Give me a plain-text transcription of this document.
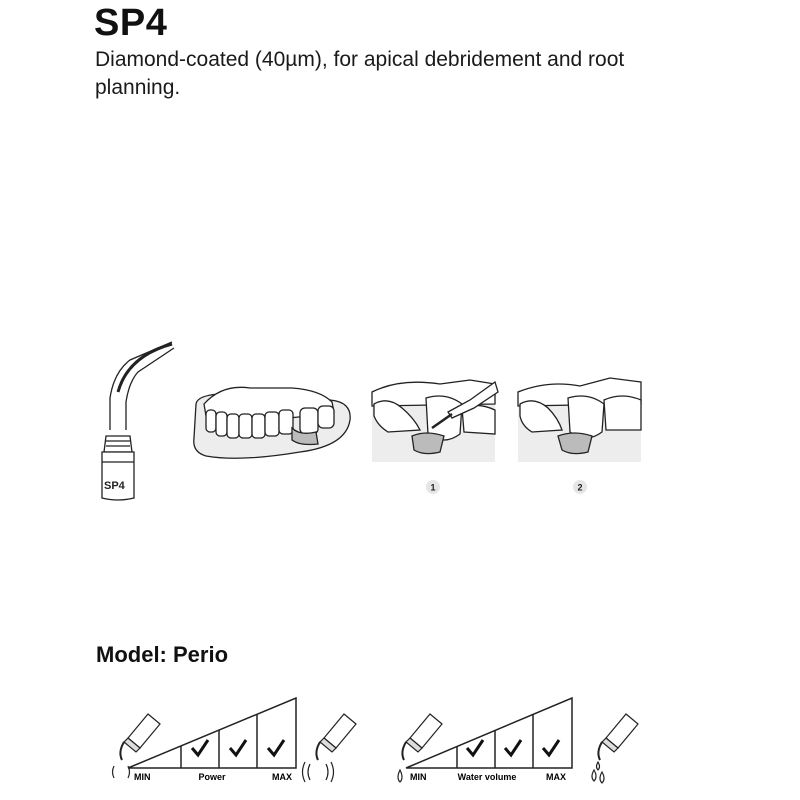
SP4
Diamond-coated (40µm), for apical debridement and root planning.
SP4	1	2
Model: Perio
MIN	Power	MAX	MIN	Water volume	MAX
